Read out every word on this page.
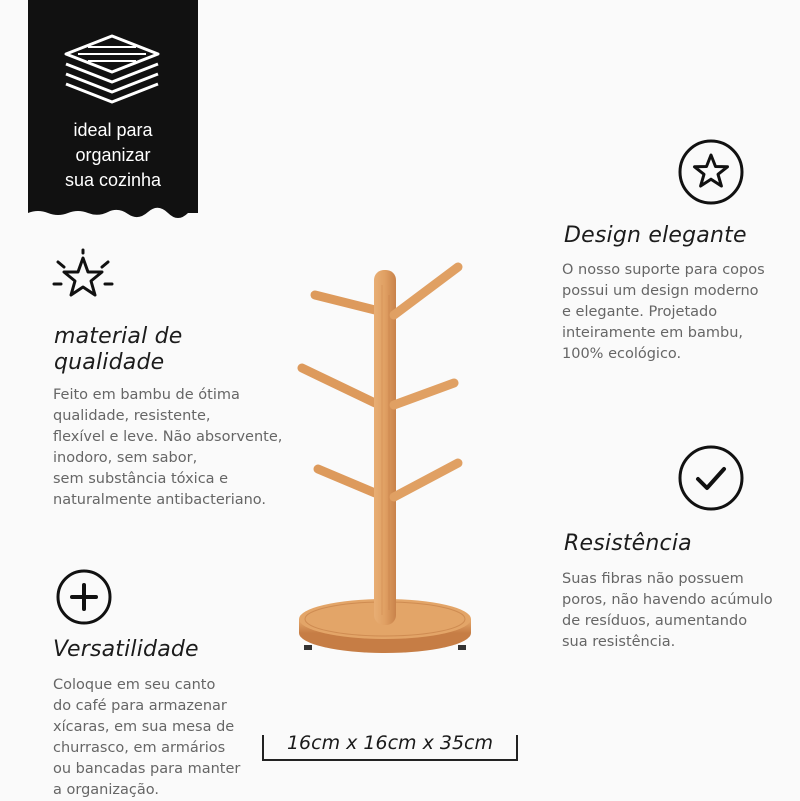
ideal para
organizar
sua cozinha
Design elegante
O nosso suporte para copos
possui um design moderno
e elegante. Projetado
inteiramente em bambu,
100% ecológico.
material de
qualidade
Feito em bambu de ótima
qualidade, resistente,
flexível e leve. Não absorvente,
inodoro, sem sabor,
sem substância tóxica e
naturalmente antibacteriano.
Resistência
Suas fibras não possuem
poros, não havendo acúmulo
de resíduos, aumentando
sua resistência.
Versatilidade
Coloque em seu canto
do café para armazenar
xícaras, em sua mesa de
churrasco, em armários
ou bancadas para manter
a organização.
16cm x 16cm x 35cm
